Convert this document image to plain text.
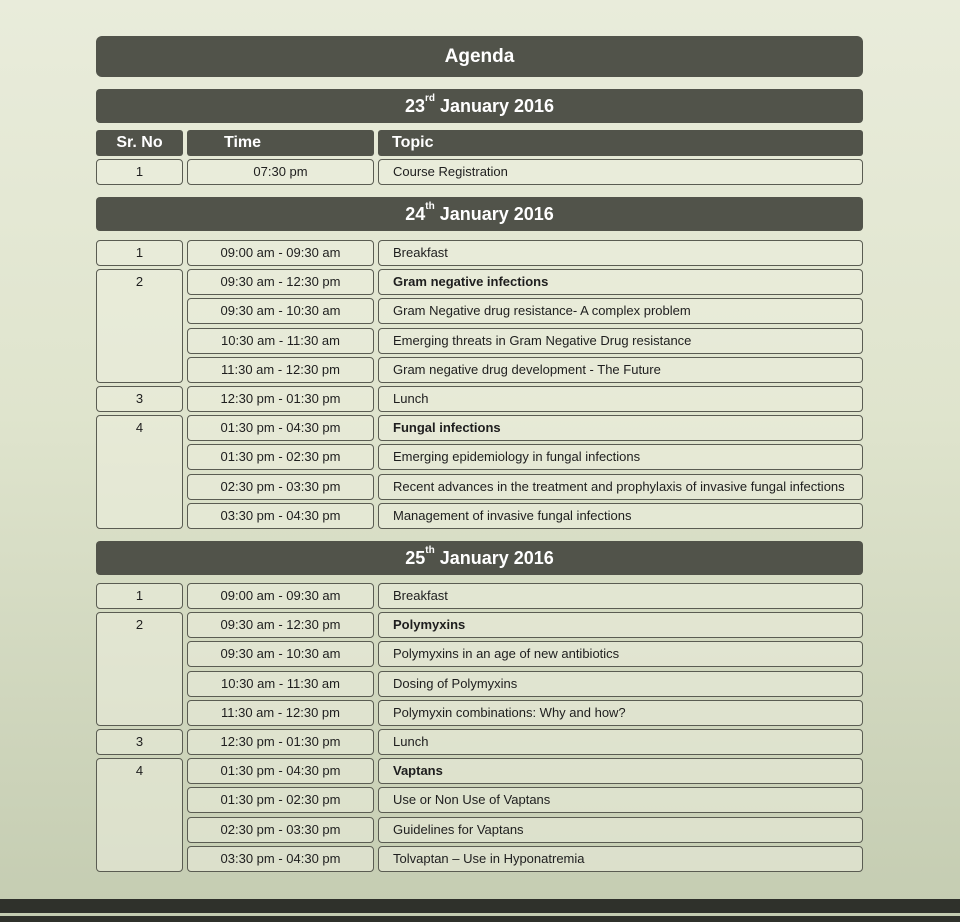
Agenda
Sr. No	Time	Topic
23rd January 2016
1	07:30 pm	Course Registration
24th January 2016
1	09:00 am - 09:30 am	Breakfast
2	09:30 am - 12:30 pm	Gram negative infections
09:30 am - 10:30 am	Gram Negative drug resistance- A complex problem
10:30 am - 11:30 am	Emerging threats in Gram Negative Drug resistance
11:30 am - 12:30 pm	Gram negative drug development - The Future
3	12:30 pm - 01:30 pm	Lunch
4	01:30 pm - 04:30 pm	Fungal infections
01:30 pm - 02:30 pm	Emerging epidemiology in fungal infections
02:30 pm - 03:30 pm	Recent advances in the treatment and prophylaxis of invasive fungal infections
03:30 pm - 04:30 pm	Management of invasive fungal infections
25th January 2016
1	09:00 am - 09:30 am	Breakfast
2	09:30 am - 12:30 pm	Polymyxins
09:30 am - 10:30 am	Polymyxins in an age of new antibiotics
10:30 am - 11:30 am	Dosing of Polymyxins
11:30 am - 12:30 pm	Polymyxin combinations: Why and how?
3	12:30 pm - 01:30 pm	Lunch
4	01:30 pm - 04:30 pm	Vaptans
01:30 pm - 02:30 pm	Use or Non Use of Vaptans
02:30 pm - 03:30 pm	Guidelines for Vaptans
03:30 pm - 04:30 pm	Tolvaptan – Use in Hyponatremia
